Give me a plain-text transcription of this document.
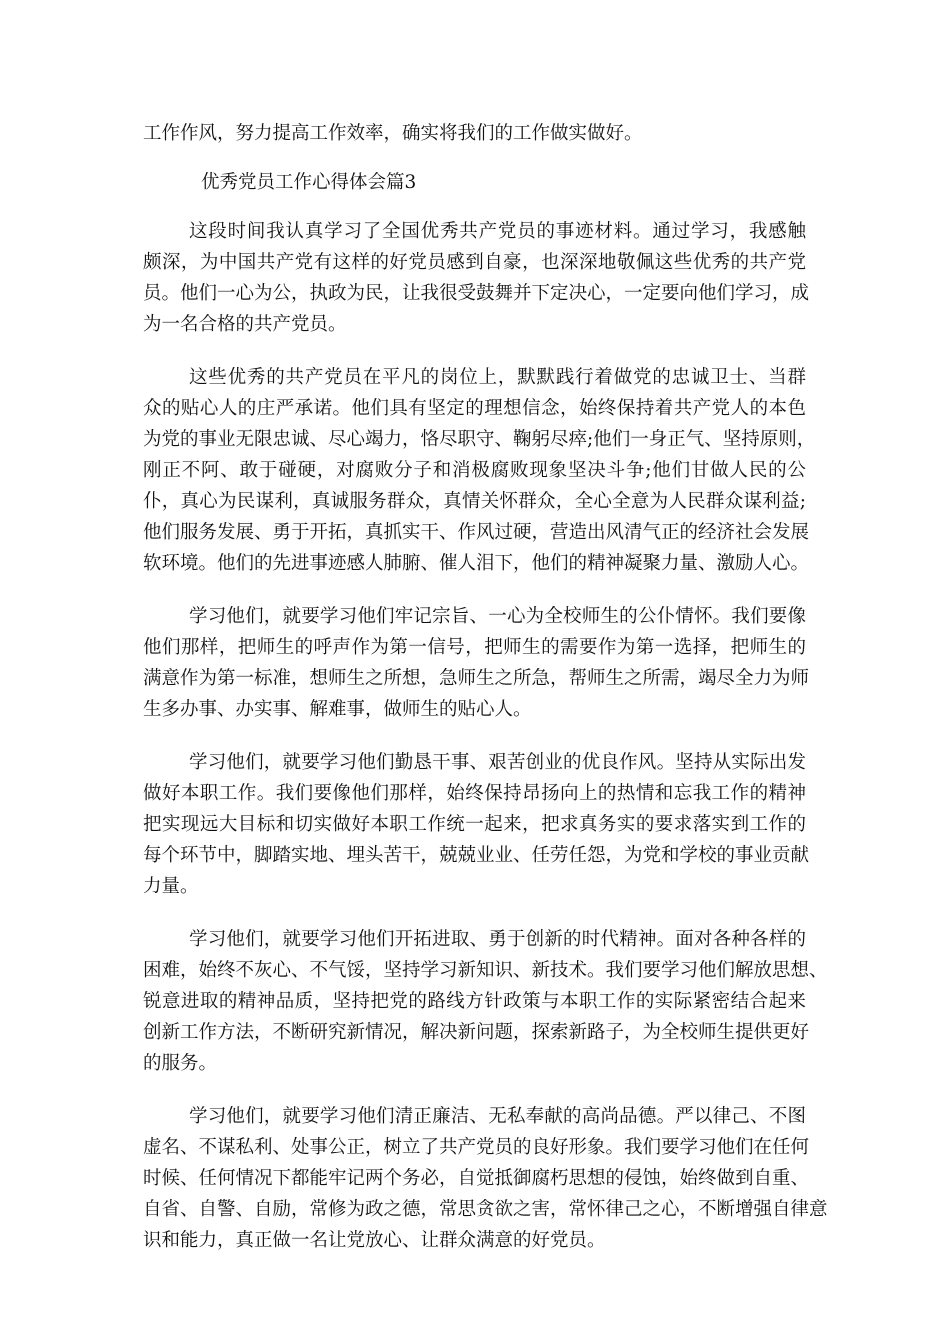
工作作风，努力提高工作效率，确实将我们的工作做实做好。
优秀党员工作心得体会篇3
这段时间我认真学习了全国优秀共产党员的事迹材料。通过学习，我感触
颇深，为中国共产党有这样的好党员感到自豪，也深深地敬佩这些优秀的共产党
员。他们一心为公，执政为民，让我很受鼓舞并下定决心，一定要向他们学习，成
为一名合格的共产党员。
这些优秀的共产党员在平凡的岗位上，默默践行着做党的忠诚卫士、当群
众的贴心人的庄严承诺。他们具有坚定的理想信念，始终保持着共产党人的本色
为党的事业无限忠诚、尽心竭力，恪尽职守、鞠躬尽瘁;他们一身正气、坚持原则，
刚正不阿、敢于碰硬，对腐败分子和消极腐败现象坚决斗争;他们甘做人民的公
仆，真心为民谋利，真诚服务群众，真情关怀群众，全心全意为人民群众谋利益;
他们服务发展、勇于开拓，真抓实干、作风过硬，营造出风清气正的经济社会发展
软环境。他们的先进事迹感人肺腑、催人泪下，他们的精神凝聚力量、激励人心。
学习他们，就要学习他们牢记宗旨、一心为全校师生的公仆情怀。我们要像
他们那样，把师生的呼声作为第一信号，把师生的需要作为第一选择，把师生的
满意作为第一标准，想师生之所想，急师生之所急，帮师生之所需，竭尽全力为师
生多办事、办实事、解难事，做师生的贴心人。
学习他们，就要学习他们勤恳干事、艰苦创业的优良作风。坚持从实际出发
做好本职工作。我们要像他们那样，始终保持昂扬向上的热情和忘我工作的精神
把实现远大目标和切实做好本职工作统一起来，把求真务实的要求落实到工作的
每个环节中，脚踏实地、埋头苦干，兢兢业业、任劳任怨，为党和学校的事业贡献
力量。
学习他们，就要学习他们开拓进取、勇于创新的时代精神。面对各种各样的
困难，始终不灰心、不气馁，坚持学习新知识、新技术。我们要学习他们解放思想、
锐意进取的精神品质，坚持把党的路线方针政策与本职工作的实际紧密结合起来
创新工作方法，不断研究新情况，解决新问题，探索新路子，为全校师生提供更好
的服务。
学习他们，就要学习他们清正廉洁、无私奉献的高尚品德。严以律己、不图
虚名、不谋私利、处事公正，树立了共产党员的良好形象。我们要学习他们在任何
时候、任何情况下都能牢记两个务必，自觉抵御腐朽思想的侵蚀，始终做到自重、
自省、自警、自励，常修为政之德，常思贪欲之害，常怀律己之心，不断增强自律意
识和能力，真正做一名让党放心、让群众满意的好党员。
